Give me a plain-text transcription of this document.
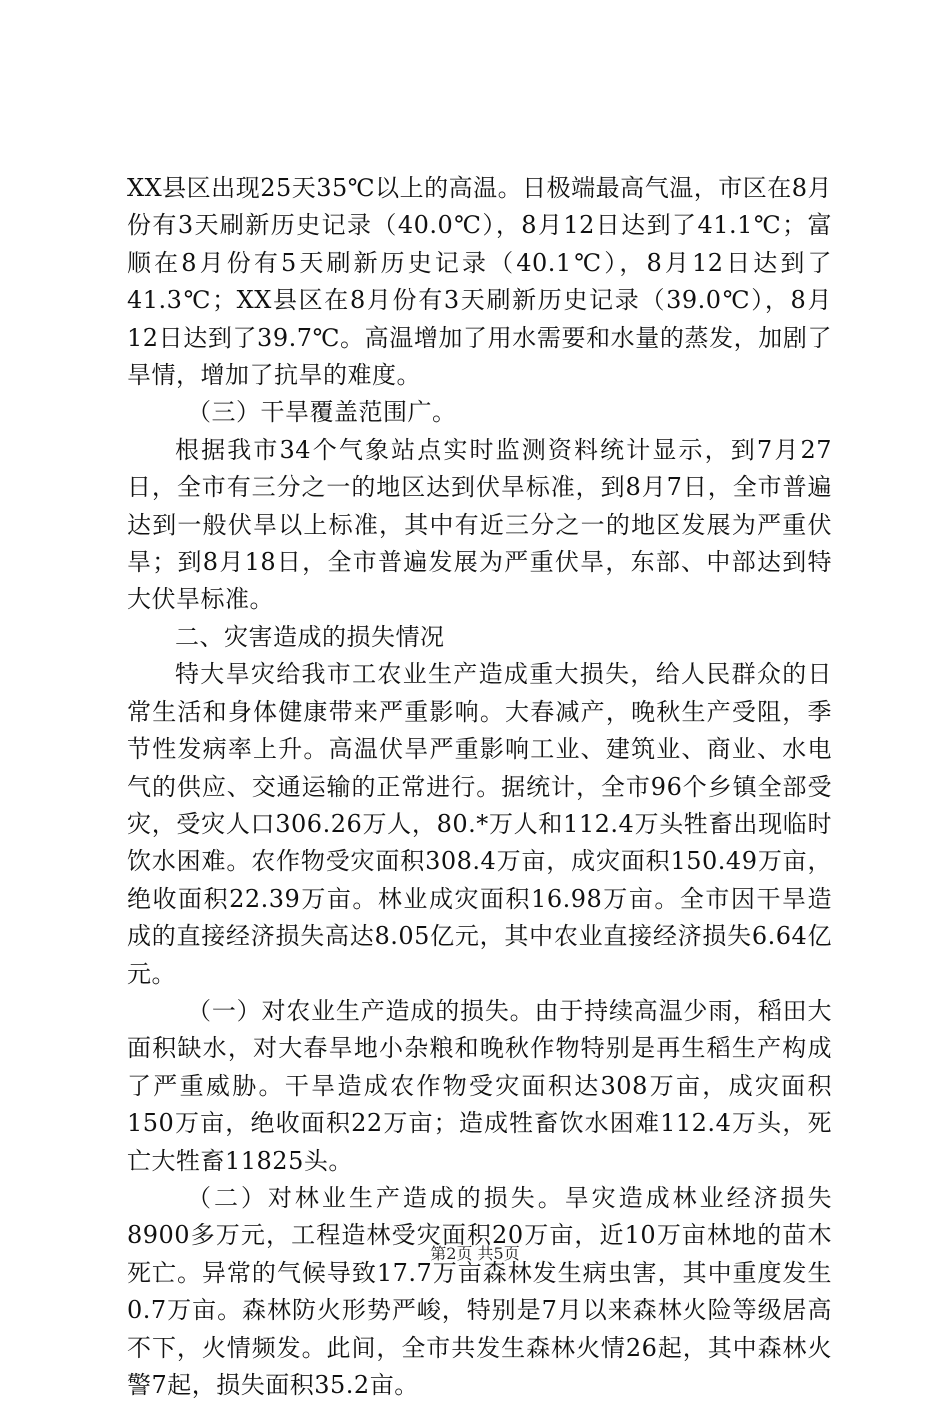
XX县区出现25天35℃以上的高温。日极端最高气温，市区在8月份有3天刷新历史记录（40.0℃），8月12日达到了41.1℃；富顺在8月份有5天刷新历史记录（40.1℃），8月12日达到了41.3℃；XX县区在8月份有3天刷新历史记录（39.0℃），8月12日达到了39.7℃。高温增加了用水需要和水量的蒸发，加剧了旱情，增加了抗旱的难度。

（三）干旱覆盖范围广。

根据我市34个气象站点实时监测资料统计显示，到7月27日，全市有三分之一的地区达到伏旱标准，到8月7日，全市普遍达到一般伏旱以上标准，其中有近三分之一的地区发展为严重伏旱；到8月18日，全市普遍发展为严重伏旱，东部、中部达到特大伏旱标准。

二、灾害造成的损失情况

特大旱灾给我市工农业生产造成重大损失，给人民群众的日常生活和身体健康带来严重影响。大春减产，晚秋生产受阻，季节性发病率上升。高温伏旱严重影响工业、建筑业、商业、水电气的供应、交通运输的正常进行。据统计，全市96个乡镇全部受灾，受灾人口306.26万人，80.*万人和112.4万头牲畜出现临时饮水困难。农作物受灾面积308.4万亩，成灾面积150.49万亩，绝收面积22.39万亩。林业成灾面积16.98万亩。全市因干旱造成的直接经济损失高达8.05亿元，其中农业直接经济损失6.64亿元。

（一）对农业生产造成的损失。由于持续高温少雨，稻田大面积缺水，对大春旱地小杂粮和晚秋作物特别是再生稻生产构成了严重威胁。干旱造成农作物受灾面积达308万亩，成灾面积150万亩，绝收面积22万亩；造成牲畜饮水困难112.4万头，死亡大牲畜11825头。

（二）对林业生产造成的损失。旱灾造成林业经济损失8900多万元，工程造林受灾面积20万亩，近10万亩林地的苗木死亡。异常的气候导致17.7万亩森林发生病虫害，其中重度发生0.7万亩。森林防火形势严峻，特别是7月以来森林火险等级居高不下，火情频发。此间，全市共发生森林火情26起，其中森林火警7起，损失面积35.2亩。

第2页 共5页
